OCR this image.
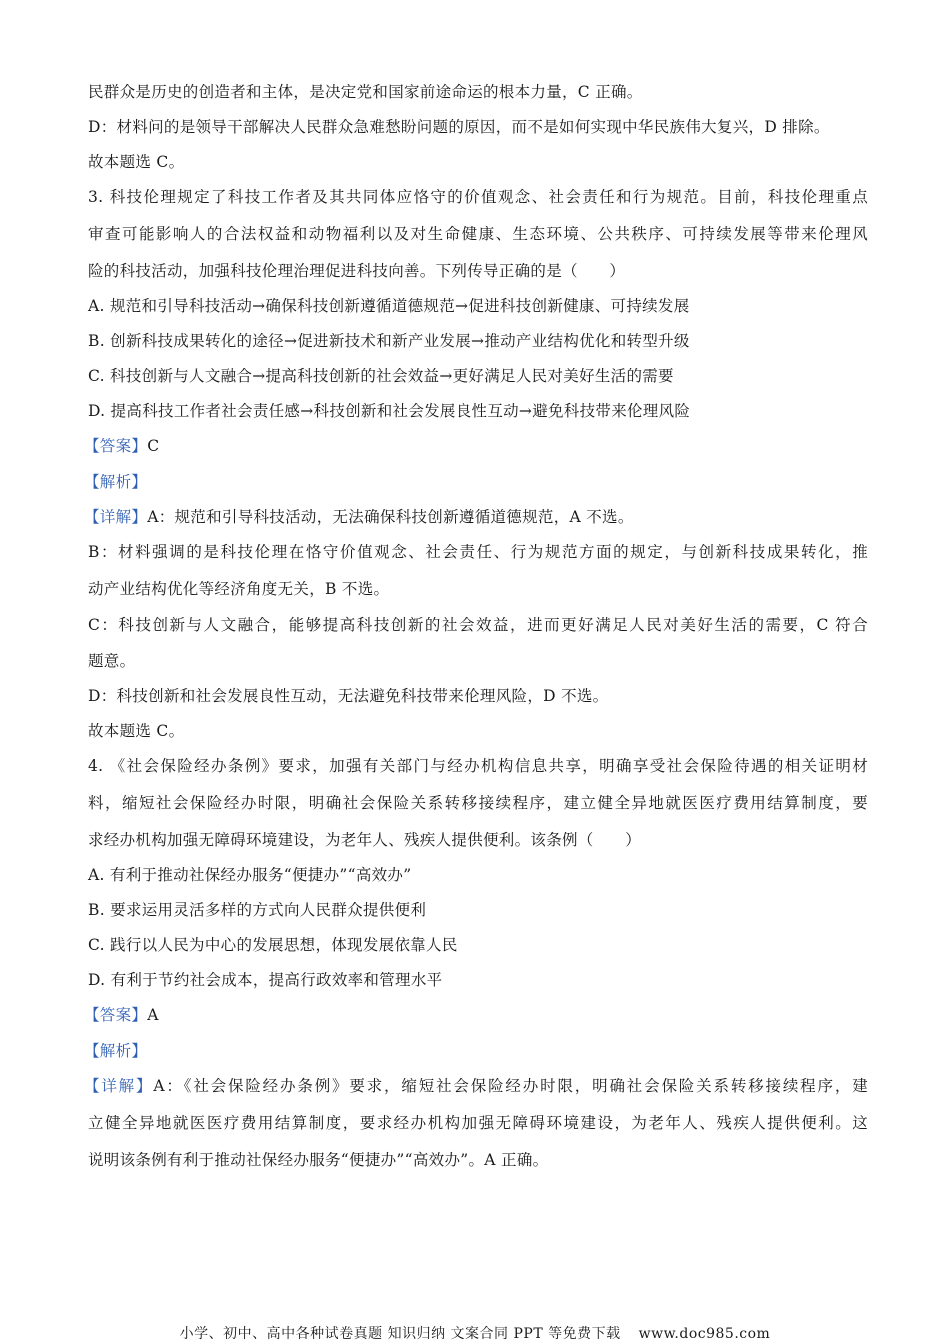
民群众是历史的创造者和主体，是决定党和国家前途命运的根本力量，C 正确。
D：材料问的是领导干部解决人民群众急难愁盼问题的原因，而不是如何实现中华民族伟大复兴，D 排除。
故本题选 C。
3. 科技伦理规定了科技工作者及其共同体应恪守的价值观念、社会责任和行为规范。目前，科技伦理重点
审查可能影响人的合法权益和动物福利以及对生命健康、生态环境、公共秩序、可持续发展等带来伦理风
险的科技活动，加强科技伦理治理促进科技向善。下列传导正确的是（　　）
A. 规范和引导科技活动→确保科技创新遵循道德规范→促进科技创新健康、可持续发展
B. 创新科技成果转化的途径→促进新技术和新产业发展→推动产业结构优化和转型升级
C. 科技创新与人文融合→提高科技创新的社会效益→更好满足人民对美好生活的需要
D. 提高科技工作者社会责任感→科技创新和社会发展良性互动→避免科技带来伦理风险
【答案】C
【解析】
【详解】A：规范和引导科技活动，无法确保科技创新遵循道德规范，A 不选。
B：材料强调的是科技伦理在恪守价值观念、社会责任、行为规范方面的规定，与创新科技成果转化，推
动产业结构优化等经济角度无关，B 不选。
C：科技创新与人文融合，能够提高科技创新的社会效益，进而更好满足人民对美好生活的需要，C 符合
题意。
D：科技创新和社会发展良性互动，无法避免科技带来伦理风险，D 不选。
故本题选 C。
4. 《社会保险经办条例》要求，加强有关部门与经办机构信息共享，明确享受社会保险待遇的相关证明材
料，缩短社会保险经办时限，明确社会保险关系转移接续程序，建立健全异地就医医疗费用结算制度，要
求经办机构加强无障碍环境建设，为老年人、残疾人提供便利。该条例（　　）
A. 有利于推动社保经办服务“便捷办”“高效办”
B. 要求运用灵活多样的方式向人民群众提供便利
C. 践行以人民为中心的发展思想，体现发展依靠人民
D. 有利于节约社会成本，提高行政效率和管理水平
【答案】A
【解析】
【详解】A：《社会保险经办条例》要求，缩短社会保险经办时限，明确社会保险关系转移接续程序，建
立健全异地就医医疗费用结算制度，要求经办机构加强无障碍环境建设，为老年人、残疾人提供便利。这
说明该条例有利于推动社保经办服务“便捷办”“高效办”。A 正确。
小学、初中、高中各种试卷真题 知识归纳 文案合同 PPT 等免费下载 www.doc985.com
